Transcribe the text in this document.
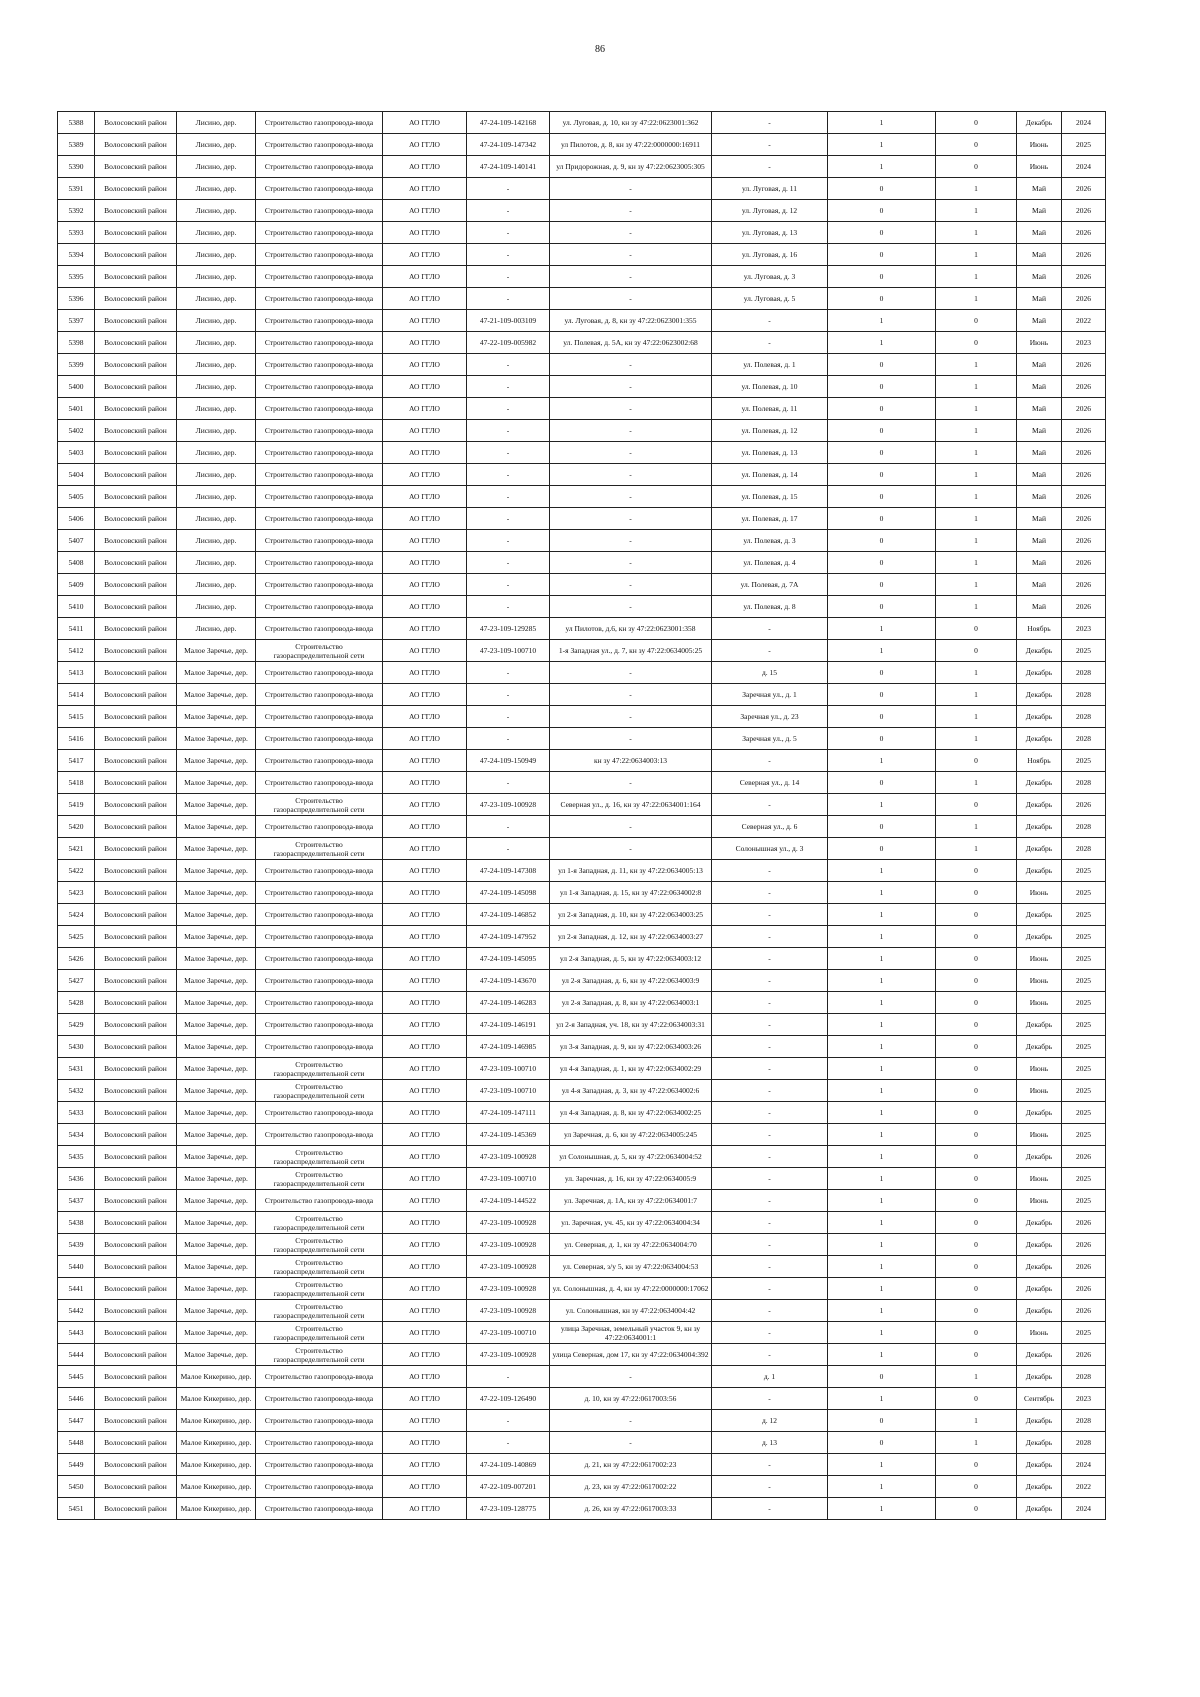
86
5388	Волосовский район	Лисино, дер.	Строительство газопровода-ввода	АО ГГЛО	47-24-109-142168	ул. Луговая, д. 10, кн зу 47:22:0623001:362	-	1	0	Декабрь	2024
5389	Волосовский район	Лисино, дер.	Строительство газопровода-ввода	АО ГГЛО	47-24-109-147342	ул Пилотов, д. 8, кн зу 47:22:0000000:16911	-	1	0	Июнь	2025
5390	Волосовский район	Лисино, дер.	Строительство газопровода-ввода	АО ГГЛО	47-24-109-140141	ул Придорожная, д. 9, кн зу 47:22:0623005:305	-	1	0	Июнь	2024
5391	Волосовский район	Лисино, дер.	Строительство газопровода-ввода	АО ГГЛО	-	-	ул. Луговая, д. 11	0	1	Май	2026
5392	Волосовский район	Лисино, дер.	Строительство газопровода-ввода	АО ГГЛО	-	-	ул. Луговая, д. 12	0	1	Май	2026
5393	Волосовский район	Лисино, дер.	Строительство газопровода-ввода	АО ГГЛО	-	-	ул. Луговая, д. 13	0	1	Май	2026
5394	Волосовский район	Лисино, дер.	Строительство газопровода-ввода	АО ГГЛО	-	-	ул. Луговая, д. 16	0	1	Май	2026
5395	Волосовский район	Лисино, дер.	Строительство газопровода-ввода	АО ГГЛО	-	-	ул. Луговая, д. 3	0	1	Май	2026
5396	Волосовский район	Лисино, дер.	Строительство газопровода-ввода	АО ГГЛО	-	-	ул. Луговая, д. 5	0	1	Май	2026
5397	Волосовский район	Лисино, дер.	Строительство газопровода-ввода	АО ГГЛО	47-21-109-003109	ул. Луговая, д. 8, кн зу 47:22:0623001:355	-	1	0	Май	2022
5398	Волосовский район	Лисино, дер.	Строительство газопровода-ввода	АО ГГЛО	47-22-109-005982	ул. Полевая, д. 5А, кн зу 47:22:0623002:68	-	1	0	Июнь	2023
5399	Волосовский район	Лисино, дер.	Строительство газопровода-ввода	АО ГГЛО	-	-	ул. Полевая, д. 1	0	1	Май	2026
5400	Волосовский район	Лисино, дер.	Строительство газопровода-ввода	АО ГГЛО	-	-	ул. Полевая, д. 10	0	1	Май	2026
5401	Волосовский район	Лисино, дер.	Строительство газопровода-ввода	АО ГГЛО	-	-	ул. Полевая, д. 11	0	1	Май	2026
5402	Волосовский район	Лисино, дер.	Строительство газопровода-ввода	АО ГГЛО	-	-	ул. Полевая, д. 12	0	1	Май	2026
5403	Волосовский район	Лисино, дер.	Строительство газопровода-ввода	АО ГГЛО	-	-	ул. Полевая, д. 13	0	1	Май	2026
5404	Волосовский район	Лисино, дер.	Строительство газопровода-ввода	АО ГГЛО	-	-	ул. Полевая, д. 14	0	1	Май	2026
5405	Волосовский район	Лисино, дер.	Строительство газопровода-ввода	АО ГГЛО	-	-	ул. Полевая, д. 15	0	1	Май	2026
5406	Волосовский район	Лисино, дер.	Строительство газопровода-ввода	АО ГГЛО	-	-	ул. Полевая, д. 17	0	1	Май	2026
5407	Волосовский район	Лисино, дер.	Строительство газопровода-ввода	АО ГГЛО	-	-	ул. Полевая, д. 3	0	1	Май	2026
5408	Волосовский район	Лисино, дер.	Строительство газопровода-ввода	АО ГГЛО	-	-	ул. Полевая, д. 4	0	1	Май	2026
5409	Волосовский район	Лисино, дер.	Строительство газопровода-ввода	АО ГГЛО	-	-	ул. Полевая, д. 7А	0	1	Май	2026
5410	Волосовский район	Лисино, дер.	Строительство газопровода-ввода	АО ГГЛО	-	-	ул. Полевая, д. 8	0	1	Май	2026
5411	Волосовский район	Лисино, дер.	Строительство газопровода-ввода	АО ГГЛО	47-23-109-129285	ул Пилотов, д.6, кн зу 47:22:0623001:358	-	1	0	Ноябрь	2023
5412	Волосовский район	Малое Заречье, дер.	Строительство газораспределительной сети	АО ГГЛО	47-23-109-100710	1-я Западная ул., д. 7, кн зу 47:22:0634005:25	-	1	0	Декабрь	2025
5413	Волосовский район	Малое Заречье, дер.	Строительство газопровода-ввода	АО ГГЛО	-	-	д. 15	0	1	Декабрь	2028
5414	Волосовский район	Малое Заречье, дер.	Строительство газопровода-ввода	АО ГГЛО	-	-	Заречная ул., д. 1	0	1	Декабрь	2028
5415	Волосовский район	Малое Заречье, дер.	Строительство газопровода-ввода	АО ГГЛО	-	-	Заречная ул., д. 23	0	1	Декабрь	2028
5416	Волосовский район	Малое Заречье, дер.	Строительство газопровода-ввода	АО ГГЛО	-	-	Заречная ул., д. 5	0	1	Декабрь	2028
5417	Волосовский район	Малое Заречье, дер.	Строительство газопровода-ввода	АО ГГЛО	47-24-109-150949	кн зу 47:22:0634003:13	-	1	0	Ноябрь	2025
5418	Волосовский район	Малое Заречье, дер.	Строительство газопровода-ввода	АО ГГЛО	-	-	Северная ул., д. 14	0	1	Декабрь	2028
5419	Волосовский район	Малое Заречье, дер.	Строительство газораспределительной сети	АО ГГЛО	47-23-109-100928	Северная ул., д. 16, кн зу 47:22:0634001:164	-	1	0	Декабрь	2026
5420	Волосовский район	Малое Заречье, дер.	Строительство газопровода-ввода	АО ГГЛО	-	-	Северная ул., д. 6	0	1	Декабрь	2028
5421	Волосовский район	Малое Заречье, дер.	Строительство газораспределительной сети	АО ГГЛО	-	-	Солонышная ул., д. 3	0	1	Декабрь	2028
5422	Волосовский район	Малое Заречье, дер.	Строительство газопровода-ввода	АО ГГЛО	47-24-109-147308	ул 1-я Западная, д. 11, кн зу 47:22:0634005:13	-	1	0	Декабрь	2025
5423	Волосовский район	Малое Заречье, дер.	Строительство газопровода-ввода	АО ГГЛО	47-24-109-145098	ул 1-я Западная, д. 15, кн зу 47:22:0634002:8	-	1	0	Июнь	2025
5424	Волосовский район	Малое Заречье, дер.	Строительство газопровода-ввода	АО ГГЛО	47-24-109-146852	ул 2-я Западная, д. 10, кн зу 47:22:0634003:25	-	1	0	Декабрь	2025
5425	Волосовский район	Малое Заречье, дер.	Строительство газопровода-ввода	АО ГГЛО	47-24-109-147952	ул 2-я Западная, д. 12, кн зу 47:22:0634003:27	-	1	0	Декабрь	2025
5426	Волосовский район	Малое Заречье, дер.	Строительство газопровода-ввода	АО ГГЛО	47-24-109-145095	ул 2-я Западная, д. 5, кн зу 47:22:0634003:12	-	1	0	Июнь	2025
5427	Волосовский район	Малое Заречье, дер.	Строительство газопровода-ввода	АО ГГЛО	47-24-109-143670	ул 2-я Западная, д. 6, кн зу 47:22:0634003:9	-	1	0	Июнь	2025
5428	Волосовский район	Малое Заречье, дер.	Строительство газопровода-ввода	АО ГГЛО	47-24-109-146283	ул 2-я Западная, д. 8, кн зу 47:22:0634003:1	-	1	0	Июнь	2025
5429	Волосовский район	Малое Заречье, дер.	Строительство газопровода-ввода	АО ГГЛО	47-24-109-146191	ул 2-я Западная, уч. 18, кн зу 47:22:0634003:31	-	1	0	Декабрь	2025
5430	Волосовский район	Малое Заречье, дер.	Строительство газопровода-ввода	АО ГГЛО	47-24-109-146985	ул 3-я Западная, д. 9, кн зу 47:22:0634003:26	-	1	0	Декабрь	2025
5431	Волосовский район	Малое Заречье, дер.	Строительство газораспределительной сети	АО ГГЛО	47-23-109-100710	ул 4-я Западная, д. 1, кн зу 47:22:0634002:29	-	1	0	Июнь	2025
5432	Волосовский район	Малое Заречье, дер.	Строительство газораспределительной сети	АО ГГЛО	47-23-109-100710	ул 4-я Западная, д. 3, кн зу 47:22:0634002:6	-	1	0	Июнь	2025
5433	Волосовский район	Малое Заречье, дер.	Строительство газопровода-ввода	АО ГГЛО	47-24-109-147111	ул 4-я Западная, д. 8, кн зу 47:22:0634002:25	-	1	0	Декабрь	2025
5434	Волосовский район	Малое Заречье, дер.	Строительство газопровода-ввода	АО ГГЛО	47-24-109-145369	ул Заречная, д. 6, кн зу 47:22:0634005:245	-	1	0	Июнь	2025
5435	Волосовский район	Малое Заречье, дер.	Строительство газораспределительной сети	АО ГГЛО	47-23-109-100928	ул Солонышная, д. 5, кн зу 47:22:0634004:52	-	1	0	Декабрь	2026
5436	Волосовский район	Малое Заречье, дер.	Строительство газораспределительной сети	АО ГГЛО	47-23-109-100710	ул. Заречная, д. 16, кн зу 47:22:0634005:9	-	1	0	Июнь	2025
5437	Волосовский район	Малое Заречье, дер.	Строительство газопровода-ввода	АО ГГЛО	47-24-109-144522	ул. Заречная, д. 1А, кн зу 47:22:0634001:7	-	1	0	Июнь	2025
5438	Волосовский район	Малое Заречье, дер.	Строительство газораспределительной сети	АО ГГЛО	47-23-109-100928	ул. Заречная, уч. 45, кн зу 47:22:0634004:34	-	1	0	Декабрь	2026
5439	Волосовский район	Малое Заречье, дер.	Строительство газораспределительной сети	АО ГГЛО	47-23-109-100928	ул. Северная, д. 1, кн зу 47:22:0634004:70	-	1	0	Декабрь	2026
5440	Волосовский район	Малое Заречье, дер.	Строительство газораспределительной сети	АО ГГЛО	47-23-109-100928	ул. Северная, з/у 5, кн зу 47:22:0634004:53	-	1	0	Декабрь	2026
5441	Волосовский район	Малое Заречье, дер.	Строительство газораспределительной сети	АО ГГЛО	47-23-109-100928	ул. Солонышная, д. 4, кн зу 47:22:0000000:17062	-	1	0	Декабрь	2026
5442	Волосовский район	Малое Заречье, дер.	Строительство газораспределительной сети	АО ГГЛО	47-23-109-100928	ул. Солонышная, кн зу 47:22:0634004:42	-	1	0	Декабрь	2026
5443	Волосовский район	Малое Заречье, дер.	Строительство газораспределительной сети	АО ГГЛО	47-23-109-100710	улица Заречная, земельный участок 9, кн зу 47:22:0634001:1	-	1	0	Июнь	2025
5444	Волосовский район	Малое Заречье, дер.	Строительство газораспределительной сети	АО ГГЛО	47-23-109-100928	улица Северная, дом 17, кн зу 47:22:0634004:392	-	1	0	Декабрь	2026
5445	Волосовский район	Малое Кикерино, дер.	Строительство газопровода-ввода	АО ГГЛО	-	-	д. 1	0	1	Декабрь	2028
5446	Волосовский район	Малое Кикерино, дер.	Строительство газопровода-ввода	АО ГГЛО	47-22-109-126490	д. 10, кн зу 47:22:0617003:56	-	1	0	Сентябрь	2023
5447	Волосовский район	Малое Кикерино, дер.	Строительство газопровода-ввода	АО ГГЛО	-	-	д. 12	0	1	Декабрь	2028
5448	Волосовский район	Малое Кикерино, дер.	Строительство газопровода-ввода	АО ГГЛО	-	-	д. 13	0	1	Декабрь	2028
5449	Волосовский район	Малое Кикерино, дер.	Строительство газопровода-ввода	АО ГГЛО	47-24-109-140869	д. 21, кн зу 47:22:0617002:23	-	1	0	Декабрь	2024
5450	Волосовский район	Малое Кикерино, дер.	Строительство газопровода-ввода	АО ГГЛО	47-22-109-007201	д. 23, кн зу 47:22:0617002:22	-	1	0	Декабрь	2022
5451	Волосовский район	Малое Кикерино, дер.	Строительство газопровода-ввода	АО ГГЛО	47-23-109-128775	д. 26, кн зу 47:22:0617003:33	-	1	0	Декабрь	2024
